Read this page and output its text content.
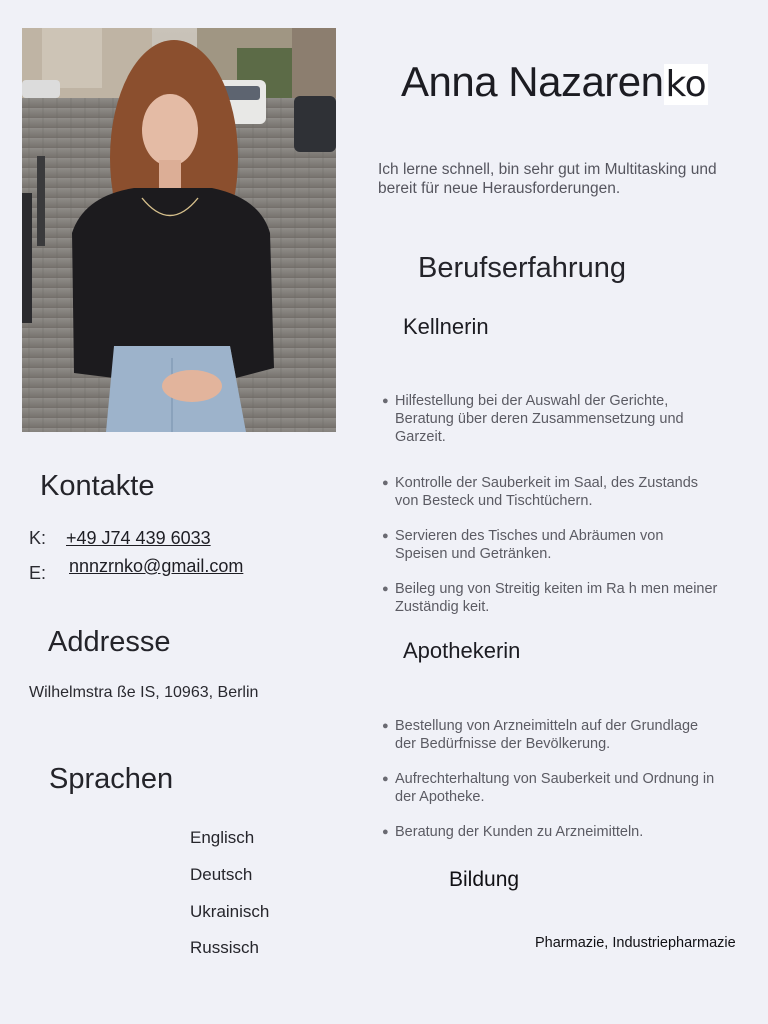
Anna Nazarenko
Ich lerne schnell, bin sehr gut im Multitasking und bereit für neue Herausforderungen.
Berufserfahrung
Kellnerin
● Hilfestellung bei der Auswahl der Gerichte, Beratung über deren Zusammensetzung und Garzeit.
● Kontrolle der Sauberkeit im Saal, des Zustands von Besteck und Tischtüchern.
● Servieren des Tisches und Abräumen von Speisen und Getränken.
● Beileg ung von Streitig keiten im Ra h men meiner Zuständig keit.
Apothekerin
● Bestellung von Arzneimitteln auf der Grundlage der Bedürfnisse der Bevölkerung.
● Aufrechterhaltung von Sauberkeit und Ordnung in der Apotheke.
● Beratung der Kunden zu Arzneimitteln.
Bildung
Pharmazie, Industriepharmazie
Kontakte
K: +49 J74 439 6033
E: nnnzrnko@gmail.com
Addresse
Wilhelmstra ße IS, 10963, Berlin
Sprachen
Englisch
Deutsch
Ukrainisch
Russisch
